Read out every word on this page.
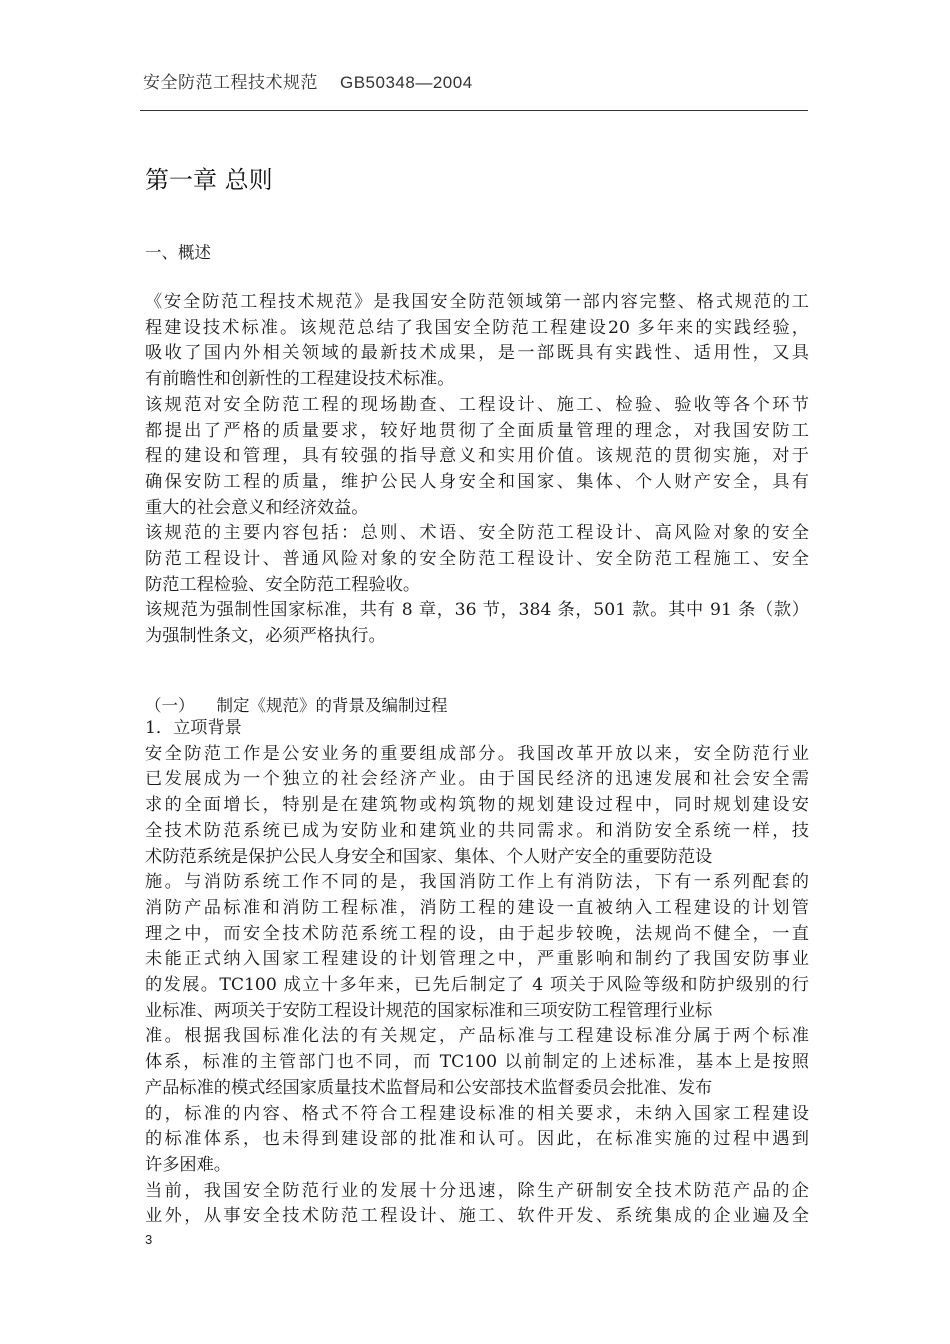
安全防范工程技术规范 GB50348—2004
第一章 总则
一、概述
《安全防范工程技术规范》是我国安全防范领域第一部内容完整、格式规范的工
程建设技术标准。该规范总结了我国安全防范工程建设20 多年来的实践经验，
吸收了国内外相关领域的最新技术成果，是一部既具有实践性、适用性，又具
有前瞻性和创新性的工程建设技术标准。
该规范对安全防范工程的现场勘查、工程设计、施工、检验、验收等各个环节
都提出了严格的质量要求，较好地贯彻了全面质量管理的理念，对我国安防工
程的建设和管理，具有较强的指导意义和实用价值。该规范的贯彻实施，对于
确保安防工程的质量，维护公民人身安全和国家、集体、个人财产安全，具有
重大的社会意义和经济效益。
该规范的主要内容包括：总则、术语、安全防范工程设计、高风险对象的安全
防范工程设计、普通风险对象的安全防范工程设计、安全防范工程施工、安全
防范工程检验、安全防范工程验收。
该规范为强制性国家标准，共有 8 章，36 节，384 条，501 款。其中 91 条（款）
为强制性条文，必须严格执行。
（一） 制定《规范》的背景及编制过程
1．立项背景
安全防范工作是公安业务的重要组成部分。我国改革开放以来，安全防范行业
已发展成为一个独立的社会经济产业。由于国民经济的迅速发展和社会安全需
求的全面增长，特别是在建筑物或构筑物的规划建设过程中，同时规划建设安
全技术防范系统已成为安防业和建筑业的共同需求。和消防安全系统一样，技
术防范系统是保护公民人身安全和国家、集体、个人财产安全的重要防范设
施。与消防系统工作不同的是，我国消防工作上有消防法，下有一系列配套的
消防产品标准和消防工程标准，消防工程的建设一直被纳入工程建设的计划管
理之中，而安全技术防范系统工程的设，由于起步较晚，法规尚不健全，一直
未能正式纳入国家工程建设的计划管理之中，严重影响和制约了我国安防事业
的发展。TC100 成立十多年来，已先后制定了 4 项关于风险等级和防护级别的行
业标准、两项关于安防工程设计规范的国家标准和三项安防工程管理行业标
准。根据我国标准化法的有关规定，产品标准与工程建设标准分属于两个标准
体系，标准的主管部门也不同，而 TC100 以前制定的上述标准，基本上是按照
产品标准的模式经国家质量技术监督局和公安部技术监督委员会批准、发布
的，标准的内容、格式不符合工程建设标准的相关要求，未纳入国家工程建设
的标准体系，也未得到建设部的批准和认可。因此，在标准实施的过程中遇到
许多困难。
当前，我国安全防范行业的发展十分迅速，除生产研制安全技术防范产品的企
业外，从事安全技术防范工程设计、施工、软件开发、系统集成的企业遍及全
3
